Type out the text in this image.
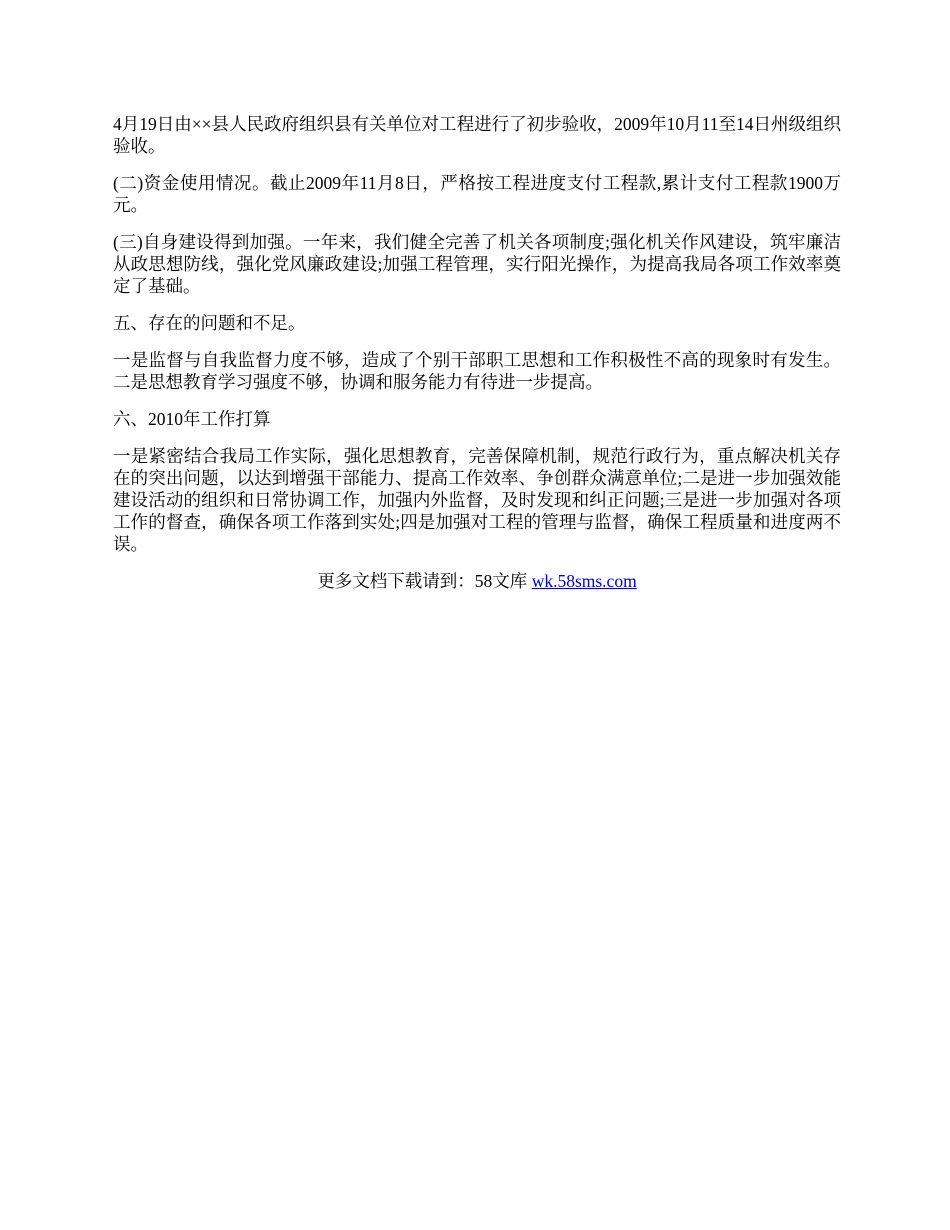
4月19日由××县人民政府组织县有关单位对工程进行了初步验收，2009年10月11至14日州级组织验收。

(二)资金使用情况。截止2009年11月8日，严格按工程进度支付工程款,累计支付工程款1900万元。

(三)自身建设得到加强。一年来，我们健全完善了机关各项制度;强化机关作风建设，筑牢廉洁从政思想防线，强化党风廉政建设;加强工程管理，实行阳光操作，为提高我局各项工作效率奠定了基础。

五、存在的问题和不足。

一是监督与自我监督力度不够，造成了个别干部职工思想和工作积极性不高的现象时有发生。二是思想教育学习强度不够，协调和服务能力有待进一步提高。

六、2010年工作打算

一是紧密结合我局工作实际，强化思想教育，完善保障机制，规范行政行为，重点解决机关存在的突出问题，以达到增强干部能力、提高工作效率、争创群众满意单位;二是进一步加强效能建设活动的组织和日常协调工作，加强内外监督，及时发现和纠正问题;三是进一步加强对各项工作的督查，确保各项工作落到实处;四是加强对工程的管理与监督，确保工程质量和进度两不误。

更多文档下载请到：58文库 wk.58sms.com
